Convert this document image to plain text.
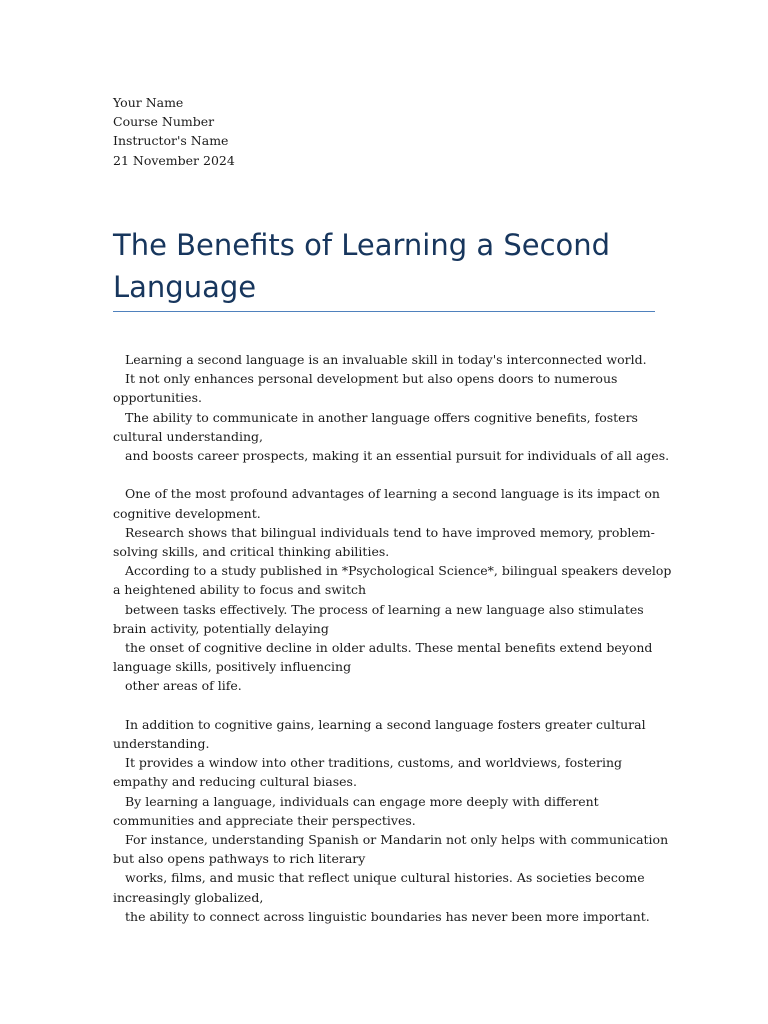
Your Name
Course Number
Instructor's Name
21 November 2024
The Benefits of Learning a Second Language
Learning a second language is an invaluable skill in today's interconnected world.
It not only enhances personal development but also opens doors to numerous opportunities.
The ability to communicate in another language offers cognitive benefits, fosters cultural understanding,
and boosts career prospects, making it an essential pursuit for individuals of all ages.
One of the most profound advantages of learning a second language is its impact on cognitive development.
Research shows that bilingual individuals tend to have improved memory, problem-solving skills, and critical thinking abilities.
According to a study published in *Psychological Science*, bilingual speakers develop a heightened ability to focus and switch
between tasks effectively. The process of learning a new language also stimulates brain activity, potentially delaying
the onset of cognitive decline in older adults. These mental benefits extend beyond language skills, positively influencing
other areas of life.
In addition to cognitive gains, learning a second language fosters greater cultural understanding.
It provides a window into other traditions, customs, and worldviews, fostering empathy and reducing cultural biases.
By learning a language, individuals can engage more deeply with different communities and appreciate their perspectives.
For instance, understanding Spanish or Mandarin not only helps with communication but also opens pathways to rich literary
works, films, and music that reflect unique cultural histories. As societies become increasingly globalized,
the ability to connect across linguistic boundaries has never been more important.
